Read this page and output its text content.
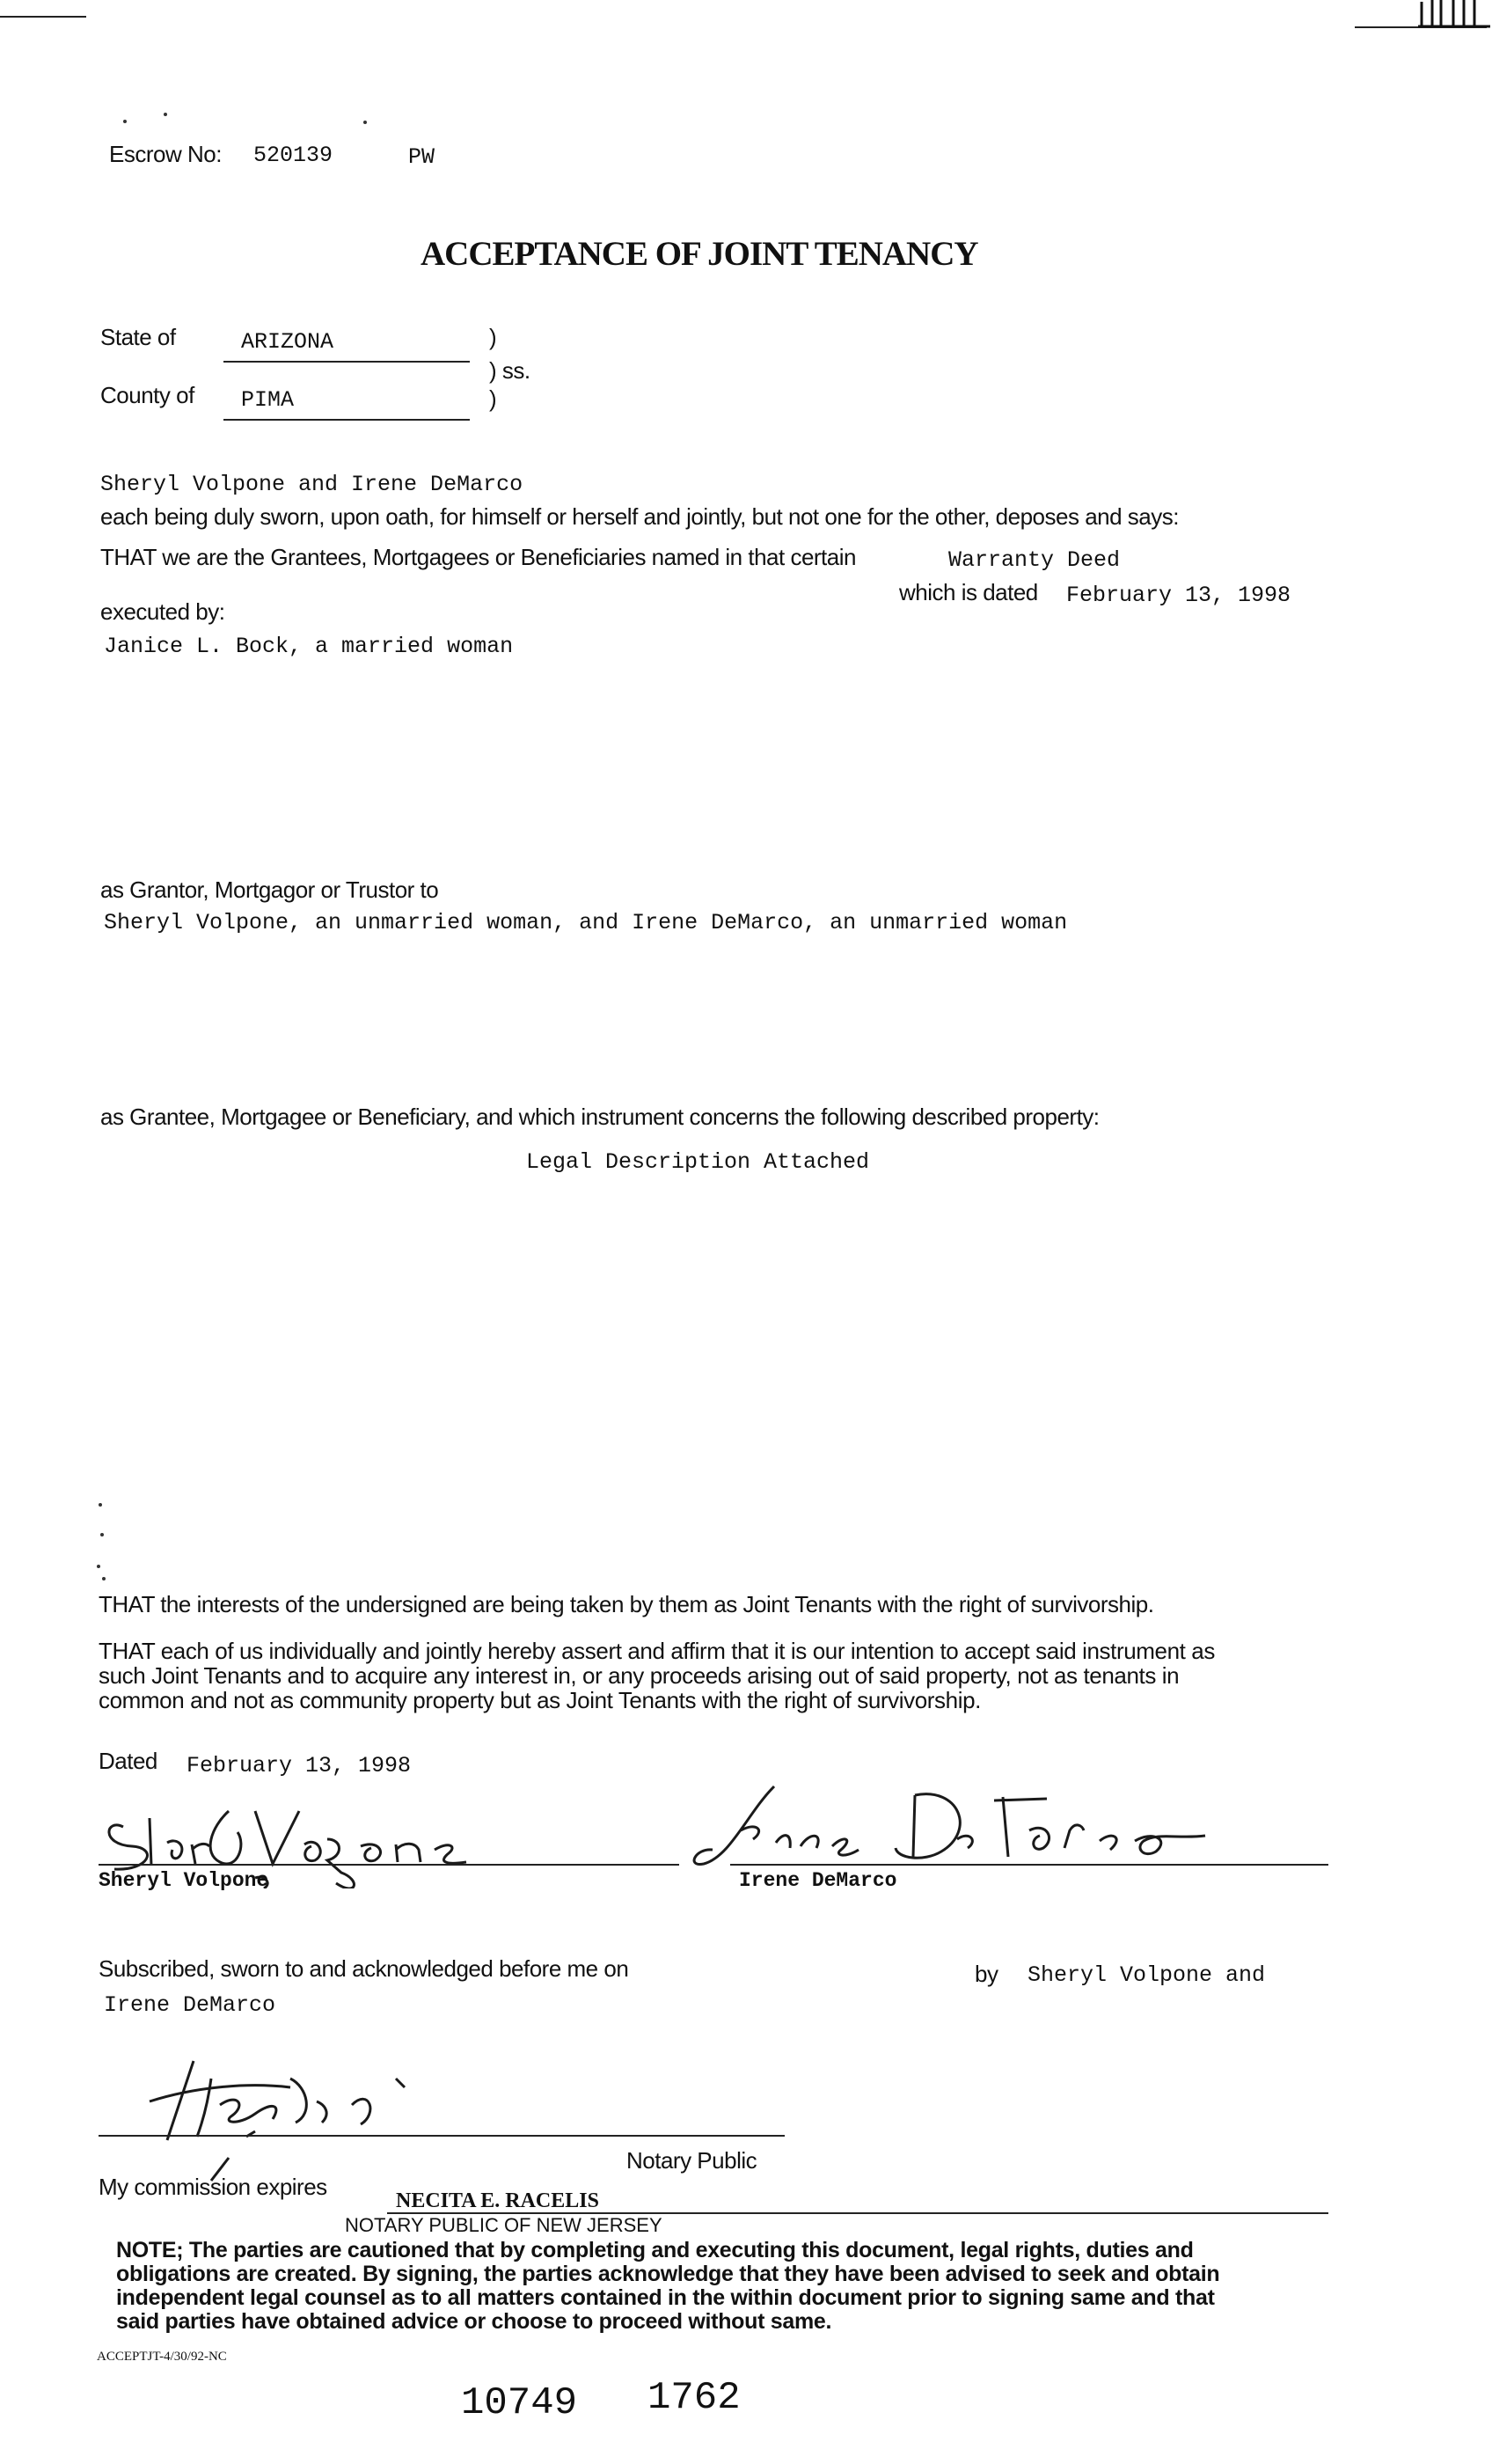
Escrow No: 520139	PW
ACCEPTANCE OF JOINT TENANCY
State of	ARIZONA	)
) ss.
County of PIMA	)
Sheryl Volpone and Irene DeMarco
each being duly sworn, upon oath, for himself or herself and jointly, but not one for the other, deposes and says:
THAT we are the Grantees, Mortgagees or Beneficiaries named in that certain	Warranty Deed
which is dated February 13, 1998
executed by:
Janice L. Bock, a married woman
as Grantor, Mortgagor or Trustor to
Sheryl Volpone, an unmarried woman, and Irene DeMarco, an unmarried woman
as Grantee, Mortgagee or Beneficiary, and which instrument concerns the following described property:
Legal Description Attached
THAT the interests of the undersigned are being taken by them as Joint Tenants with the right of survivorship.
THAT each of us individually and jointly hereby assert and affirm that it is our intention to accept said instrument as
such Joint Tenants and to acquire any interest in, or any proceeds arising out of said property, not as tenants in
common and not as community property but as Joint Tenants with the right of survivorship.
Dated February 13, 1998
Sheryl Volpone	Irene DeMarco
Subscribed, sworn to and acknowledged before me on	by Sheryl Volpone and
Irene DeMarco
Notary Public
My commission expires
NECITA E. RACELIS
NOTARY PUBLIC OF NEW JERSEY
NOTE; The parties are cautioned that by completing and executing this document, legal rights, duties and
obligations are created. By signing, the parties acknowledge that they have been advised to seek and obtain
independent legal counsel as to all matters contained in the within document prior to signing same and that
said parties have obtained advice or choose to proceed without same.
ACCEPTJT-4/30/92-NC
10749 1762
